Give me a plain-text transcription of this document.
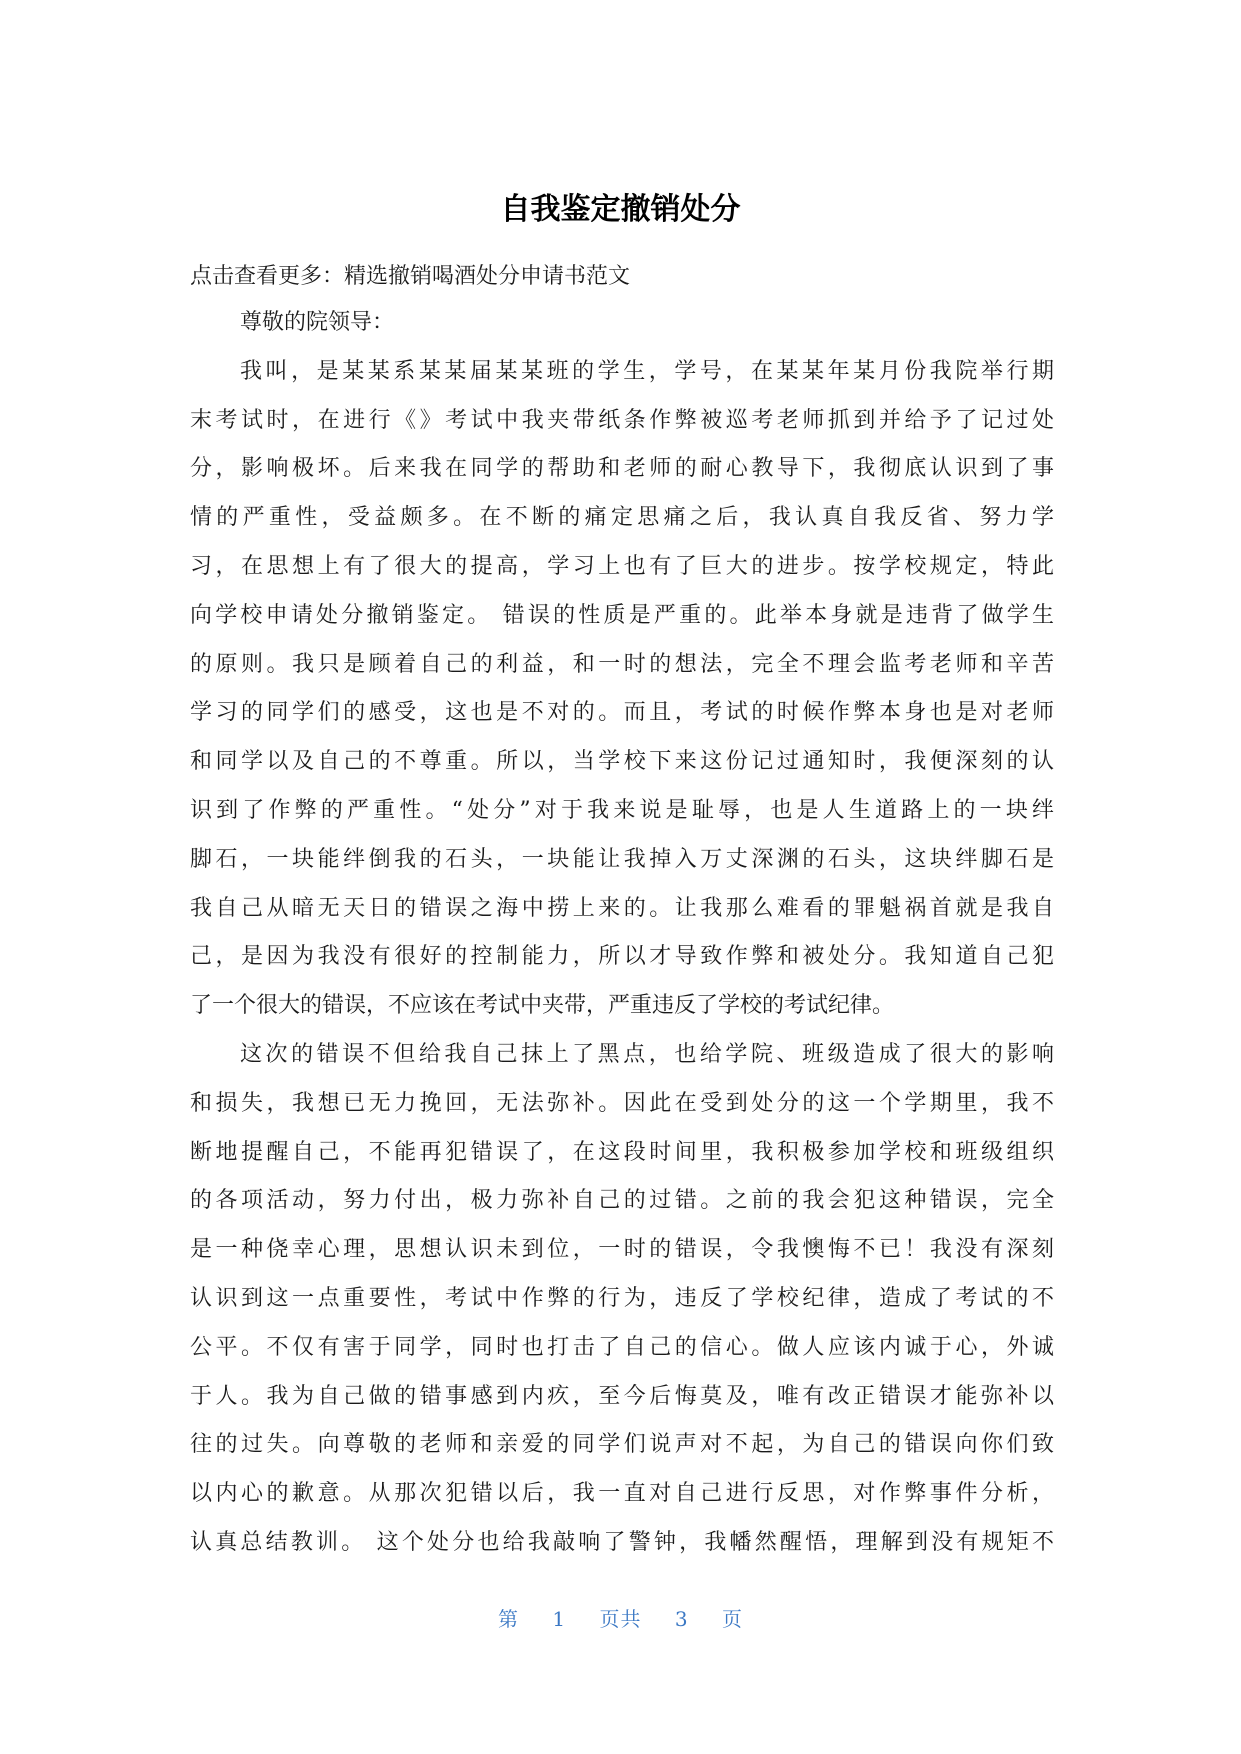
自我鉴定撤销处分
点击查看更多：精选撤销喝酒处分申请书范文
尊敬的院领导：
我叫，是某某系某某届某某班的学生，学号，在某某年某月份我院举行期
末考试时，在进行《》考试中我夹带纸条作弊被巡考老师抓到并给予了记过处
分，影响极坏。后来我在同学的帮助和老师的耐心教导下，我彻底认识到了事
情的严重性，受益颇多。在不断的痛定思痛之后，我认真自我反省、努力学
习，在思想上有了很大的提高，学习上也有了巨大的进步。按学校规定，特此
向学校申请处分撤销鉴定。 错误的性质是严重的。此举本身就是违背了做学生
的原则。我只是顾着自己的利益，和一时的想法，完全不理会监考老师和辛苦
学习的同学们的感受，这也是不对的。而且，考试的时候作弊本身也是对老师
和同学以及自己的不尊重。所以，当学校下来这份记过通知时，我便深刻的认
识到了作弊的严重性。“处分”对于我来说是耻辱，也是人生道路上的一块绊
脚石，一块能绊倒我的石头，一块能让我掉入万丈深渊的石头，这块绊脚石是
我自己从暗无天日的错误之海中捞上来的。让我那么难看的罪魁祸首就是我自
己，是因为我没有很好的控制能力，所以才导致作弊和被处分。我知道自己犯
了一个很大的错误，不应该在考试中夹带，严重违反了学校的考试纪律。
这次的错误不但给我自己抹上了黑点，也给学院、班级造成了很大的影响
和损失，我想已无力挽回，无法弥补。因此在受到处分的这一个学期里，我不
断地提醒自己，不能再犯错误了，在这段时间里，我积极参加学校和班级组织
的各项活动，努力付出，极力弥补自己的过错。之前的我会犯这种错误，完全
是一种侥幸心理，思想认识未到位，一时的错误，令我懊悔不已！我没有深刻
认识到这一点重要性，考试中作弊的行为，违反了学校纪律，造成了考试的不
公平。不仅有害于同学，同时也打击了自己的信心。做人应该内诚于心，外诚
于人。我为自己做的错事感到内疚，至今后悔莫及，唯有改正错误才能弥补以
往的过失。向尊敬的老师和亲爱的同学们说声对不起，为自己的错误向你们致
以内心的歉意。从那次犯错以后，我一直对自己进行反思，对作弊事件分析，
认真总结教训。 这个处分也给我敲响了警钟，我幡然醒悟，理解到没有规矩不
第 1 页共 3 页
